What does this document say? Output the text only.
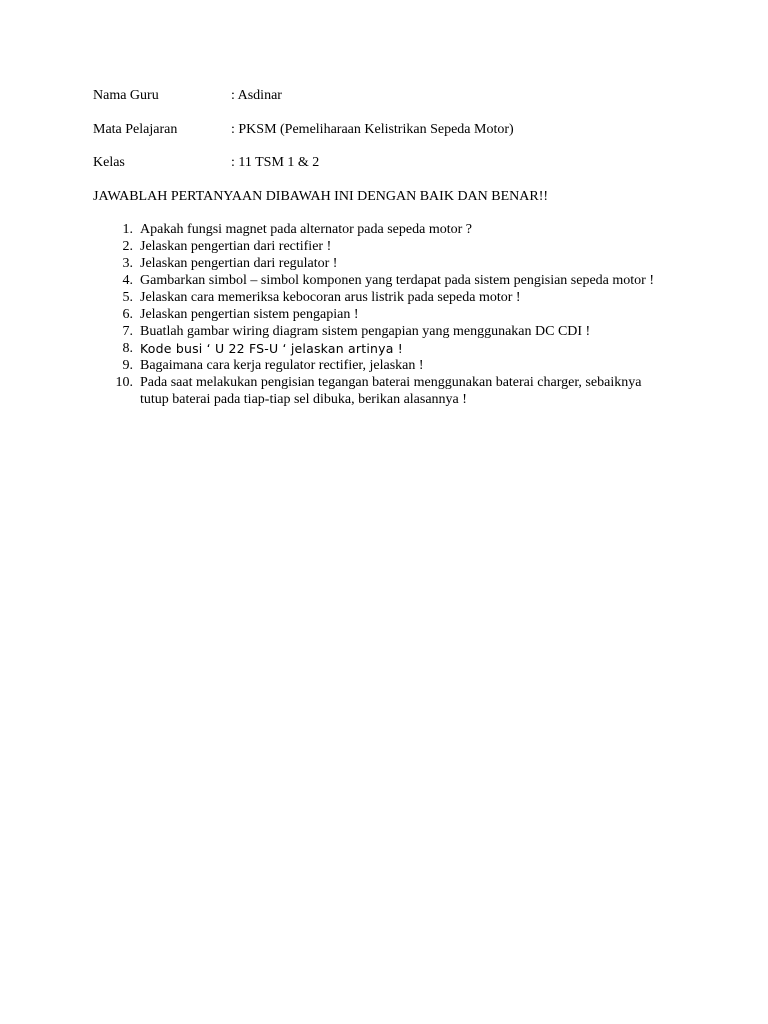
Nama Guru	: Asdinar
Mata Pelajaran	: PKSM (Pemeliharaan Kelistrikan Sepeda Motor)
Kelas	: 11 TSM 1 & 2
JAWABLAH PERTANYAAN DIBAWAH INI DENGAN BAIK DAN BENAR!!
1. Apakah fungsi magnet pada alternator pada sepeda motor ?
2. Jelaskan pengertian dari rectifier !
3. Jelaskan pengertian dari regulator !
4. Gambarkan simbol – simbol komponen yang terdapat pada sistem pengisian sepeda motor !
5. Jelaskan cara memeriksa kebocoran arus listrik pada sepeda motor !
6. Jelaskan pengertian sistem pengapian !
7. Buatlah gambar wiring diagram sistem pengapian yang menggunakan DC CDI !
8. Kode busi ‘ U 22 FS-U ‘ jelaskan artinya !
9. Bagaimana cara kerja regulator rectifier, jelaskan !
10. Pada saat melakukan pengisian tegangan baterai menggunakan baterai charger, sebaiknya tutup baterai pada tiap-tiap sel dibuka, berikan alasannya !
